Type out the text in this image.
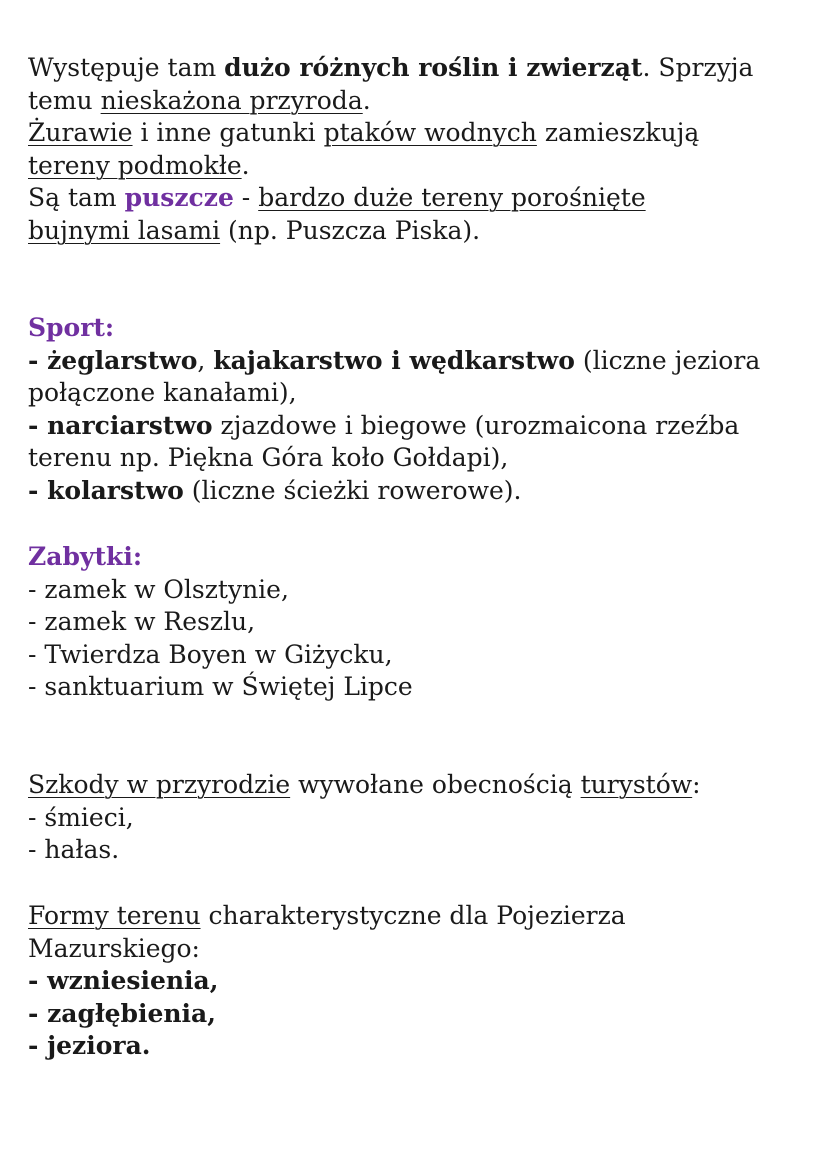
Występuje tam dużo różnych roślin i zwierząt. Sprzyja
temu nieskażona przyroda.
Żurawie i inne gatunki ptaków wodnych zamieszkują
tereny podmokłe.
Są tam puszcze - bardzo duże tereny porośnięte
bujnymi lasami (np. Puszcza Piska).
Sport:
- żeglarstwo, kajakarstwo i wędkarstwo (liczne jeziora
połączone kanałami),
- narciarstwo zjazdowe i biegowe (urozmaicona rzeźba
terenu np. Piękna Góra koło Gołdapi),
- kolarstwo (liczne ścieżki rowerowe).
Zabytki:
- zamek w Olsztynie,
- zamek w Reszlu,
- Twierdza Boyen w Giżycku,
- sanktuarium w Świętej Lipce
Szkody w przyrodzie wywołane obecnością turystów:
- śmieci,
- hałas.
Formy terenu charakterystyczne dla Pojezierza
Mazurskiego:
- wzniesienia,
- zagłębienia,
- jeziora.
